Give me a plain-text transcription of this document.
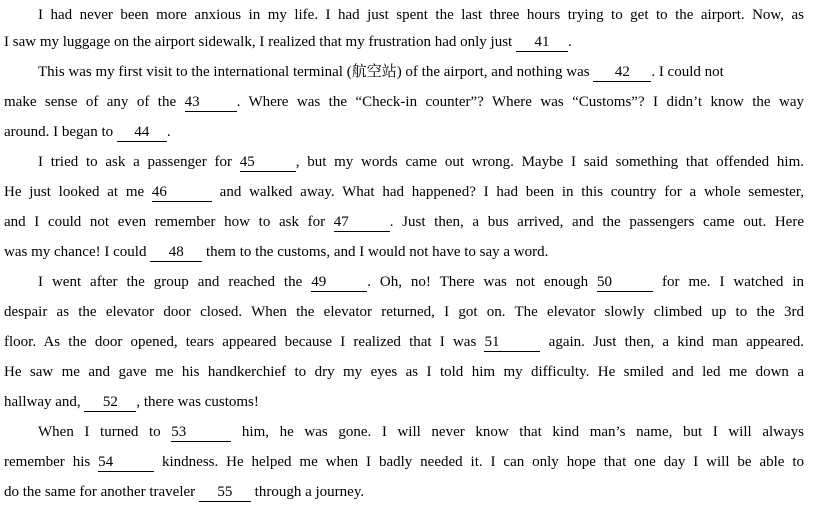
I had never been more anxious in my life. I had just spent the last three hours trying to get to the airport. Now, as
I saw my luggage on the airport sidewalk, I realized that my frustration had only just 41 .
This was my first visit to the international terminal (航空站) of the airport, and nothing was 42 . I could not
make sense of any of the 43 . Where was the “Check-in counter”? Where was “Customs”? I didn’t know the way
around. I began to 44 .
I tried to ask a passenger for 45	, but my words came out wrong. Maybe I said something that offended him.
He just looked at me 46	and walked away. What had happened? I had been in this country for a whole semester,
and I could not even remember how to ask for 47	. Just then, a bus arrived, and the passengers came out. Here
was my chance! I could 48 them to the customs, and I would not have to say a word.
I went after the group and reached the 49	. Oh, no! There was not enough 50	for me. I watched in
despair as the elevator door closed. When the elevator returned, I got on. The elevator slowly climbed up to the 3rd
floor. As the door opened, tears appeared because I realized that I was 51	again. Just then, a kind man appeared.
He saw me and gave me his handkerchief to dry my eyes as I told him my difficulty. He smiled and led me down a
hallway and, 52 , there was customs!
When I turned to 53	him, he was gone. I will never know that kind man’s name, but I will always
remember his 54	kindness. He helped me when I badly needed it. I can only hope that one day I will be able to
do the same for another traveler 55 through a journey.
